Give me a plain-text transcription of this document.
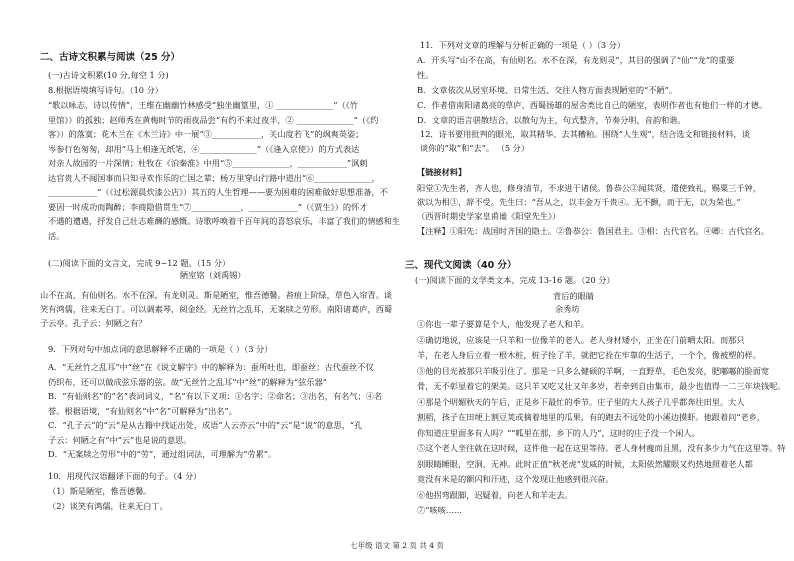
二、古诗文积累与阅读（25 分）
(一)古诗文积累(10 分,每空 1 分)
8.根据语境填写诗句。（10 分）
“歌以咏志，诗以传情”，王维在幽幽竹林感受“独坐幽篁里，① ______________”（《竹
里馆》）的孤独；赵师秀在黄梅时节的雨夜品尝“有约不来过夜半，② ______________”（《约
客》）的落寞；花木兰在《木兰诗》中一展“③____________，关山度若飞”的飒爽英姿；
岑参行色匆匆，却用“马上相逢无纸笔，④______________”（《逢入京使》）的方式表达
对亲人故园的一片深情；杜牧在《泊秦淮》中用“⑤______________，____________”讽刺
达官贵人不闻国事而只知寻欢作乐的亡国之辈；杨万里穿山行路中道出“⑥______________，
____________”（《过松源晨炊漆公店》）其五的人生哲理——要为困难的困难做好思想准备，不
要因一时成功而陶醉；李商隐借贯生“⑦____________，____________”（《贾生》）的怀才
不遇的遭遇，抒发自己壮志难酬的感慨。诗歌呼唤着千百年间的喜怒哀乐，丰富了我们的情感和生
活。
(二)阅读下面的文言文，完成 9~12 题。（15 分）
陋室铭（刘禹锡）
山不在高，有仙则名。水不在深，有龙则灵。斯是陋室，惟吾德馨。苔痕上阶绿，草色入帘青。谈
笑有鸿儒，往来无白丁。可以调素琴，阅金经。无丝竹之乱耳，无案牍之劳形。南阳诸葛庐，西蜀
子云亭。孔子云：何陋之有？
9．下列对句中加点词的意思解释不正确的一项是（ ）（3 分）
A．“无丝竹之乱耳”中“丝”在《说文解字》中的解释为：蚕所吐也，即蚕丝；古代蚕丝不仅
仍织布，还可以做成弦乐器的弦。故“无丝竹之乱耳”中“丝”的解释为“弦乐器”
B．“有仙则名”的“名”表词词义，“名”有以下义项：①名字；②命名；③出名，有名气；④名
誉。根据语境，“有仙则名”中“名”可解释为“出名”。
C．“孔子云”的“云”是从古籍中找证出处，成语“人云亦云”中的“云”是“说”的意思，“孔
子云：何陋之有”中“云”也是说的意思。
D．“无案牍之劳形”中的“劳”，通过组词法，可理解为“劳累”。
10．用现代汉语翻译下面的句子。（4 分）
（1）斯是陋室，惟吾德馨。
（2）谈笑有鸿儒，往来无白丁。
11．下列对文章的理解与分析正确的一项是（ ）（3 分）
A．开头写“山不在高，有仙则名。水不在深，有龙则灵”，其目的强调了“仙”“龙”的重要
性。
B．文章依次从居室环境、日常生活、交往人物方面表现陋室的“不陋”。
C．作者借南阳诸葛亮的草庐、西蜀扬雄的屋舍类比自己的陋室，表明作者也有他们一样的才德。
D．文章的语言骈散结合，以散句为主，句式整齐，节奏分明，音韵和谐。
12．诗书要用批判的眼光，取其精华、去其糟粕。围绕“人生观”，结合选文和链接材料，谈
谈你的“取”和“去”。 （5 分）
【链接材料】
阳堂①先生者，齐人也，修身清节，不求进于诸侯。鲁恭公②闻其贤，遣使致礼，赐粟三千钟，
欲以为相③，辞不受。先生曰：“吾从之，以丰金万千贵④。无不颤，而于无，以为荣也。”
（西晋时期史学家皇甫谧《阳堂先生》）
【注释】①阳先：战国时齐国的隐士。②鲁恭公：鲁国君主。③相：古代官名。④卿：古代官名。
三、现代文阅读（40 分）
(一)阅读下面的文学类文本，完成 13-16 题。（20 分）
背后的眼睛
余秀坊
①你也一辈子要算是个人，他发现了老人和羊。
②确切地说，应该是一只羊和一位像羊的老人。老人身材矮小，正坐在门前晒太阳。而那只
羊，在老人身后立着一根木桩，桩子拴了羊，就把它拴在牢靠的生活子，一个个，像被塑的样。
③他的目光被那只羊吸引住了。那是一只多么健硕的羊啊，一直野草，毛色发亮，肥嘟嘟的脸面宽
骨，无不彰显着它的架美。这只羊又吃又壮又年多岁，若牵到自由集市，最少也值得一二三年块钱呢。
④那是个明媚秋天的午后，正是乡下最忙的季节。庄子里的大人孩子几乎都奔往田里。大人
割稻，孩子在田埂上割豆荚或摘着地里的瓜果，有的跑去不远处的小溪边摸虾。他跟着问“老乡，
你知道庄里面多有人吗？”“呱里在那，乡下的人乃”，这时的庄子没一个闲人。
⑤这个老人坐往就在这时候，这件他一起在这里等待。老人身材瘦而且黑，没有多少力气在这里等。特
别眼睛睡眼，空洞、无神。此时正值“秋老虎”发威的时候，太阳依然耀眼又灼热地照着老人都
竟没有米是的额闪和汗迹，这个发现让他感到很兴奋。
⑥他拐弯跟脚，迟疑着，向老人和羊走去。
⑦“咳咳……
七年级 语文 第 2 页 共 4 页
